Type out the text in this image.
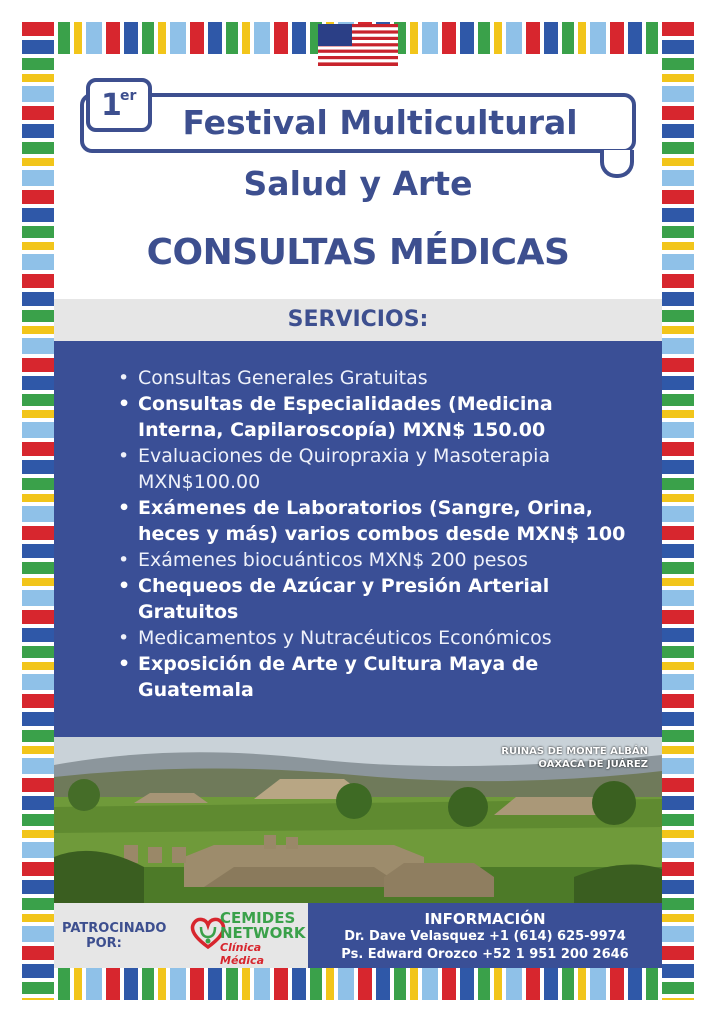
1
er
Festival Multicultural
Salud y Arte
CONSULTAS MÉDICAS
SERVICIOS:
• Consultas Generales Gratuitas
• Consultas de Especialidades (Medicina Interna, Capilaroscopía) MXN$ 150.00
• Evaluaciones de Quiropraxia y Masoterapia MXN$100.00
• Exámenes de Laboratorios (Sangre, Orina, heces y más) varios combos desde MXN$ 100
• Exámenes biocuánticos MXN$ 200 pesos
• Chequeos de Azúcar y Presión Arterial Gratuitos
• Medicamentos y Nutracéuticos Económicos
• Exposición de Arte y Cultura Maya de Guatemala
RUINAS DE MONTE ALBÁN
OAXACA DE JUÁREZ
PATROCINADO
POR:
CEMIDES
NETWORK
Clínica Médica
INFORMACIÓN
Dr. Dave Velasquez +1 (614) 625-9974
Ps. Edward Orozco +52 1 951 200 2646
